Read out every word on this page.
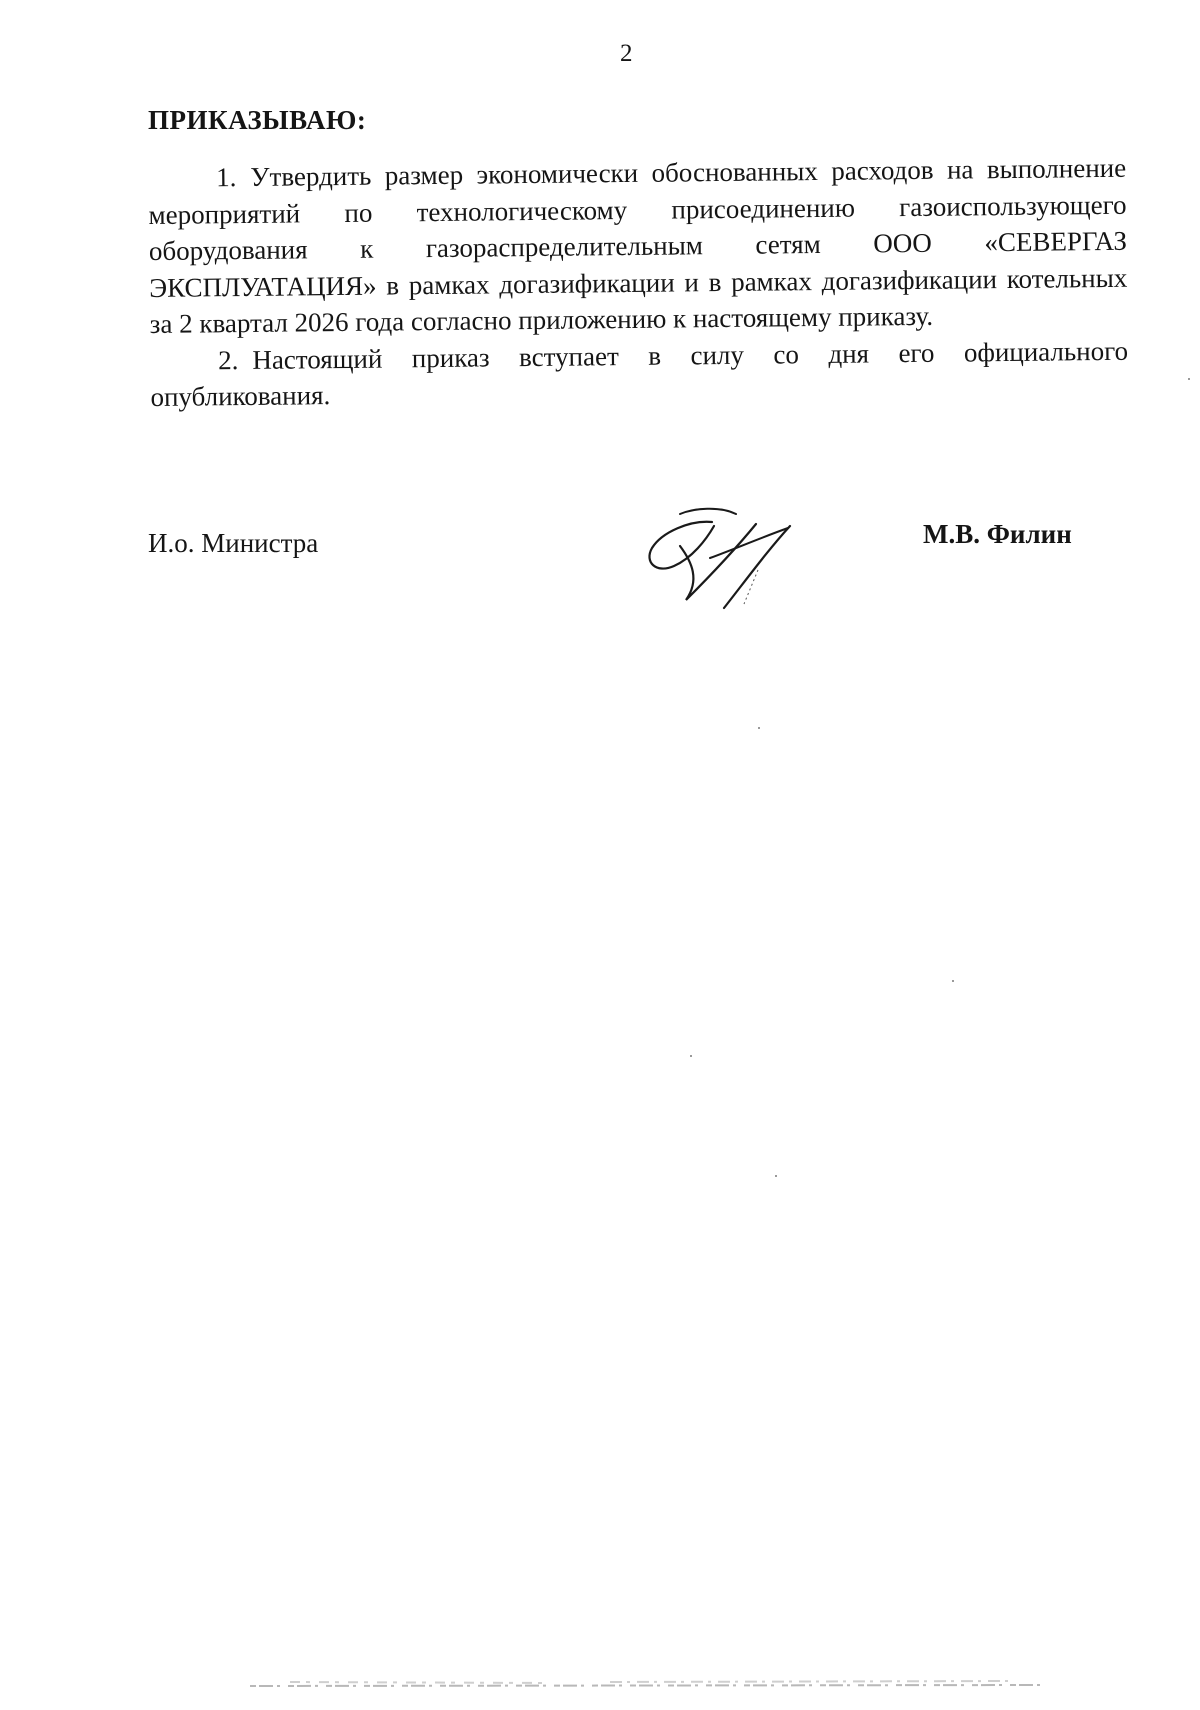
2
ПРИКАЗЫВАЮ:

1. Утвердить размер экономически обоснованных расходов на выполнение мероприятий по технологическому присоединению газоиспользующего оборудования к газораспределительным сетям ООО «СЕВЕРГАЗ ЭКСПЛУАТАЦИЯ» в рамках догазификации и в рамках догазификации котельных за 2 квартал 2026 года согласно приложению к настоящему приказу.

2. Настоящий приказ вступает в силу со дня его официального опубликования.

И.о. Министра	М.В. Филин
